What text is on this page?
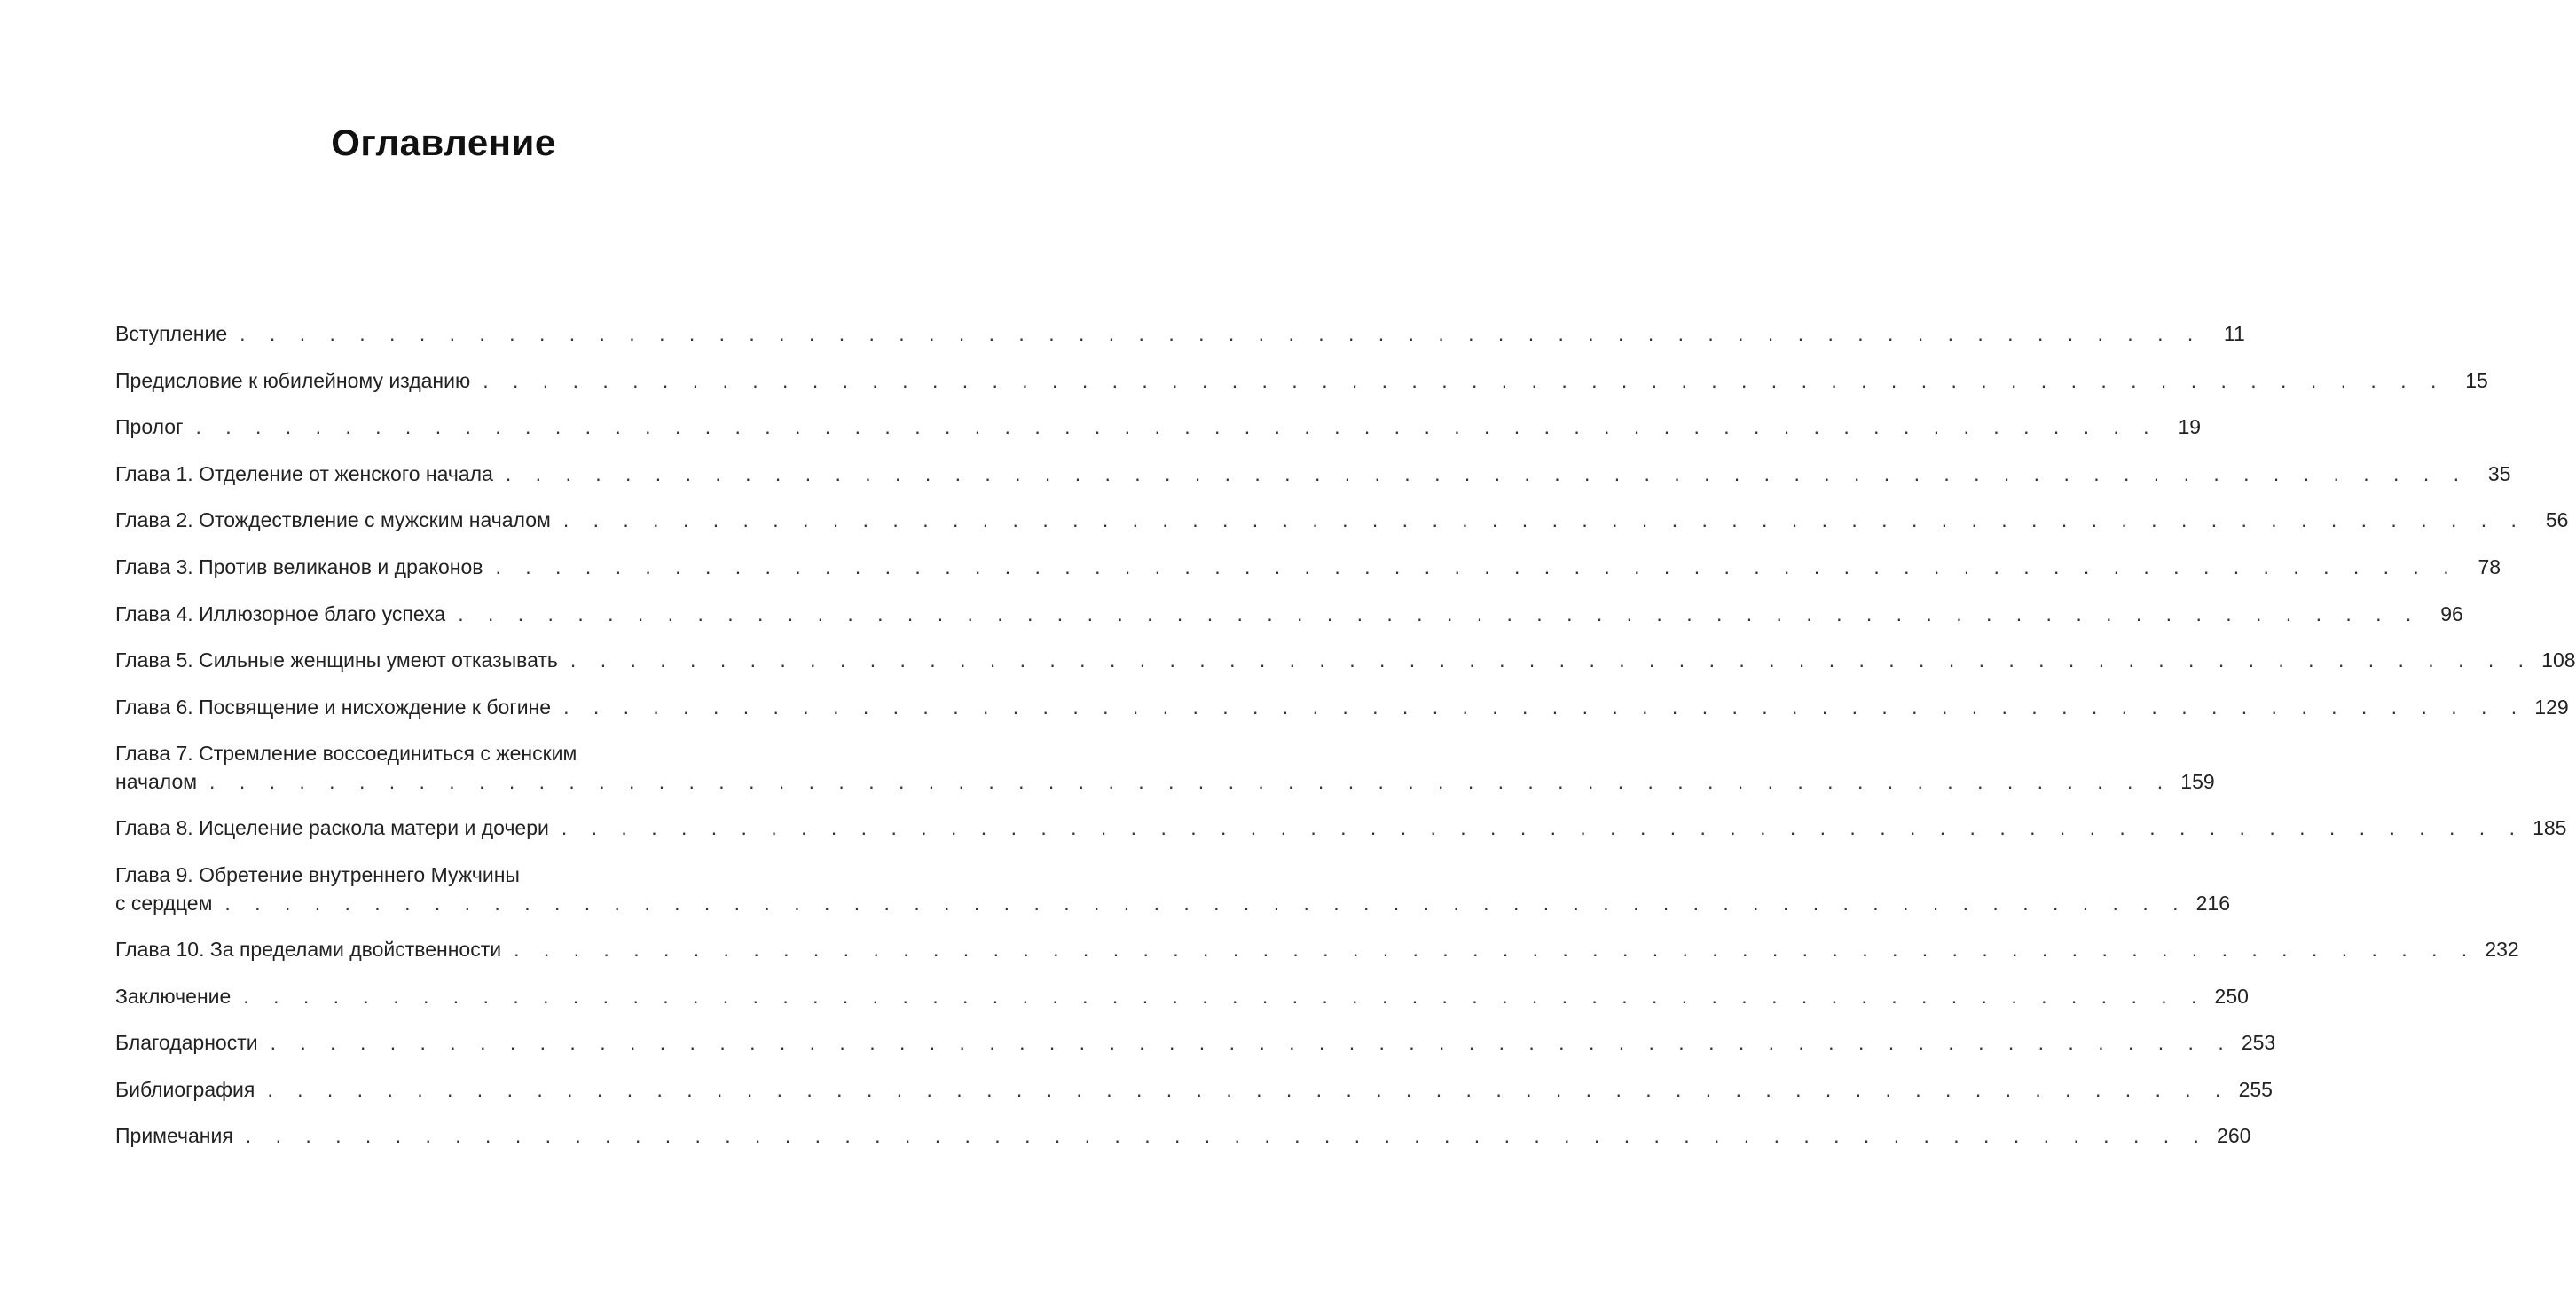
Оглавление
Вступление . . . . . . . . . . . . . . . . . . . . . . . . . . . . . . . . . . . . . . . . . . . . . . . . . . . . . . . . . . . . . . . . . .	11
Предисловие к юбилейному изданию . . . . . . . . . . . . . . . . . . . . . . . . . . . . . . . . . . . . . . . . . . . . . . . . . . . . . . . . . . . . . . . . . . 15
Пролог . . . . . . . . . . . . . . . . . . . . . . . . . . . . . . . . . . . . . . . . . . . . . . . . . . . . . . . . . . . . . . . . . . 19
Глава 1. Отделение от женского начала . . . . . . . . . . . . . . . . . . . . . . . . . . . . . . . . . . . . . . . . . . . . . . . . . . . . . . . . . . . . . . . . . . 35
Глава 2. Отождествление с мужским началом . . . . . . . . . . . . . . . . . . . . . . . . . . . . . . . . . . . . . . . . . . . . . . . . . . . . . . . . . . . . . . . . . . 56
Глава 3. Против великанов и драконов . . . . . . . . . . . . . . . . . . . . . . . . . . . . . . . . . . . . . . . . . . . . . . . . . . . . . . . . . . . . . . . . . . 78
Глава 4. Иллюзорное благо успеха . . . . . . . . . . . . . . . . . . . . . . . . . . . . . . . . . . . . . . . . . . . . . . . . . . . . . . . . . . . . . . . . . . 96
Глава 5. Сильные женщины умеют отказывать . . . . . . . . . . . . . . . . . . . . . . . . . . . . . . . . . . . . . . . . . . . . . . . . . . . . . . . . . . . . . . . . . . 108
Глава 6. Посвящение и нисхождение к богине . . . . . . . . . . . . . . . . . . . . . . . . . . . . . . . . . . . . . . . . . . . . . . . . . . . . . . . . . . . . . . . . . . 129
Глава 7. Стремление воссоединиться с женским
началом . . . . . . . . . . . . . . . . . . . . . . . . . . . . . . . . . . . . . . . . . . . . . . . . . . . . . . . . . . . . . . . . . . 159
Глава 8. Исцеление раскола матери и дочери . . . . . . . . . . . . . . . . . . . . . . . . . . . . . . . . . . . . . . . . . . . . . . . . . . . . . . . . . . . . . . . . . . 185
Глава 9. Обретение внутреннего Мужчины
с сердцем . . . . . . . . . . . . . . . . . . . . . . . . . . . . . . . . . . . . . . . . . . . . . . . . . . . . . . . . . . . . . . . . . . 216
Глава 10. За пределами двойственности . . . . . . . . . . . . . . . . . . . . . . . . . . . . . . . . . . . . . . . . . . . . . . . . . . . . . . . . . . . . . . . . . . 232
Заключение . . . . . . . . . . . . . . . . . . . . . . . . . . . . . . . . . . . . . . . . . . . . . . . . . . . . . . . . . . . . . . . . . . 250
Благодарности . . . . . . . . . . . . . . . . . . . . . . . . . . . . . . . . . . . . . . . . . . . . . . . . . . . . . . . . . . . . . . . . . . 253
Библиография . . . . . . . . . . . . . . . . . . . . . . . . . . . . . . . . . . . . . . . . . . . . . . . . . . . . . . . . . . . . . . . . . . 255
Примечания . . . . . . . . . . . . . . . . . . . . . . . . . . . . . . . . . . . . . . . . . . . . . . . . . . . . . . . . . . . . . . . . . . 260
